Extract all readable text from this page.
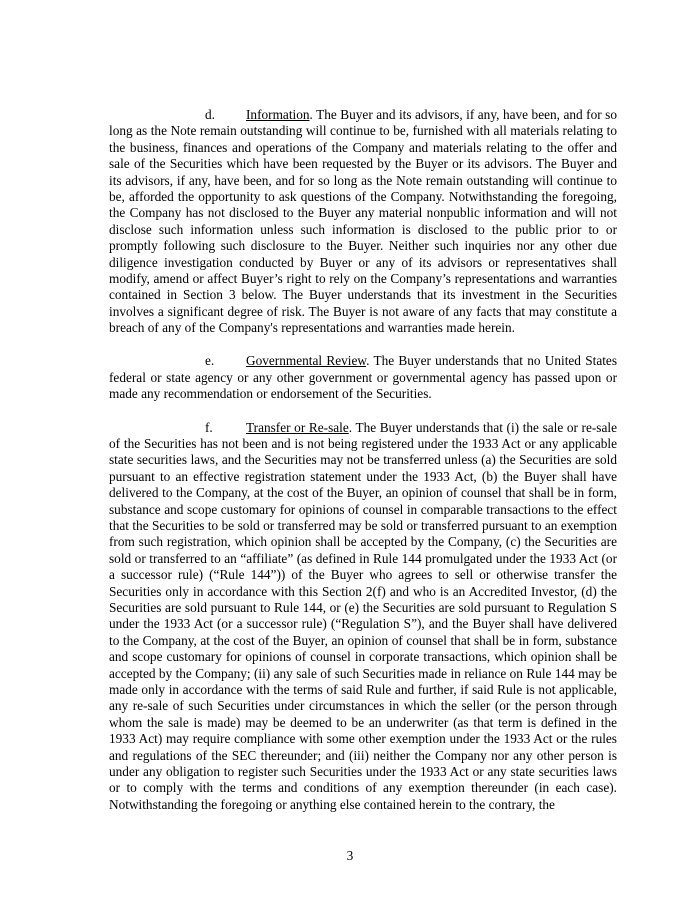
d. Information. The Buyer and its advisors, if any, have been, and for so long as the Note remain outstanding will continue to be, furnished with all materials relating to the business, finances and operations of the Company and materials relating to the offer and sale of the Securities which have been requested by the Buyer or its advisors. The Buyer and its advisors, if any, have been, and for so long as the Note remain outstanding will continue to be, afforded the opportunity to ask questions of the Company. Notwithstanding the foregoing, the Company has not disclosed to the Buyer any material nonpublic information and will not disclose such information unless such information is disclosed to the public prior to or promptly following such disclosure to the Buyer. Neither such inquiries nor any other due diligence investigation conducted by Buyer or any of its advisors or representatives shall modify, amend or affect Buyer’s right to rely on the Company’s representations and warranties contained in Section 3 below. The Buyer understands that its investment in the Securities involves a significant degree of risk. The Buyer is not aware of any facts that may constitute a breach of any of the Company's representations and warranties made herein.

e. Governmental Review. The Buyer understands that no United States federal or state agency or any other government or governmental agency has passed upon or made any recommendation or endorsement of the Securities.

f. Transfer or Re-sale. The Buyer understands that (i) the sale or re-sale of the Securities has not been and is not being registered under the 1933 Act or any applicable state securities laws, and the Securities may not be transferred unless (a) the Securities are sold pursuant to an effective registration statement under the 1933 Act, (b) the Buyer shall have delivered to the Company, at the cost of the Buyer, an opinion of counsel that shall be in form, substance and scope customary for opinions of counsel in comparable transactions to the effect that the Securities to be sold or transferred may be sold or transferred pursuant to an exemption from such registration, which opinion shall be accepted by the Company, (c) the Securities are sold or transferred to an “affiliate” (as defined in Rule 144 promulgated under the 1933 Act (or a successor rule) (“Rule 144”)) of the Buyer who agrees to sell or otherwise transfer the Securities only in accordance with this Section 2(f) and who is an Accredited Investor, (d) the Securities are sold pursuant to Rule 144, or (e) the Securities are sold pursuant to Regulation S under the 1933 Act (or a successor rule) (“Regulation S”), and the Buyer shall have delivered to the Company, at the cost of the Buyer, an opinion of counsel that shall be in form, substance and scope customary for opinions of counsel in corporate transactions, which opinion shall be accepted by the Company; (ii) any sale of such Securities made in reliance on Rule 144 may be made only in accordance with the terms of said Rule and further, if said Rule is not applicable, any re-sale of such Securities under circumstances in which the seller (or the person through whom the sale is made) may be deemed to be an underwriter (as that term is defined in the 1933 Act) may require compliance with some other exemption under the 1933 Act or the rules and regulations of the SEC thereunder; and (iii) neither the Company nor any other person is under any obligation to register such Securities under the 1933 Act or any state securities laws or to comply with the terms and conditions of any exemption thereunder (in each case). Notwithstanding the foregoing or anything else contained herein to the contrary, the

3
